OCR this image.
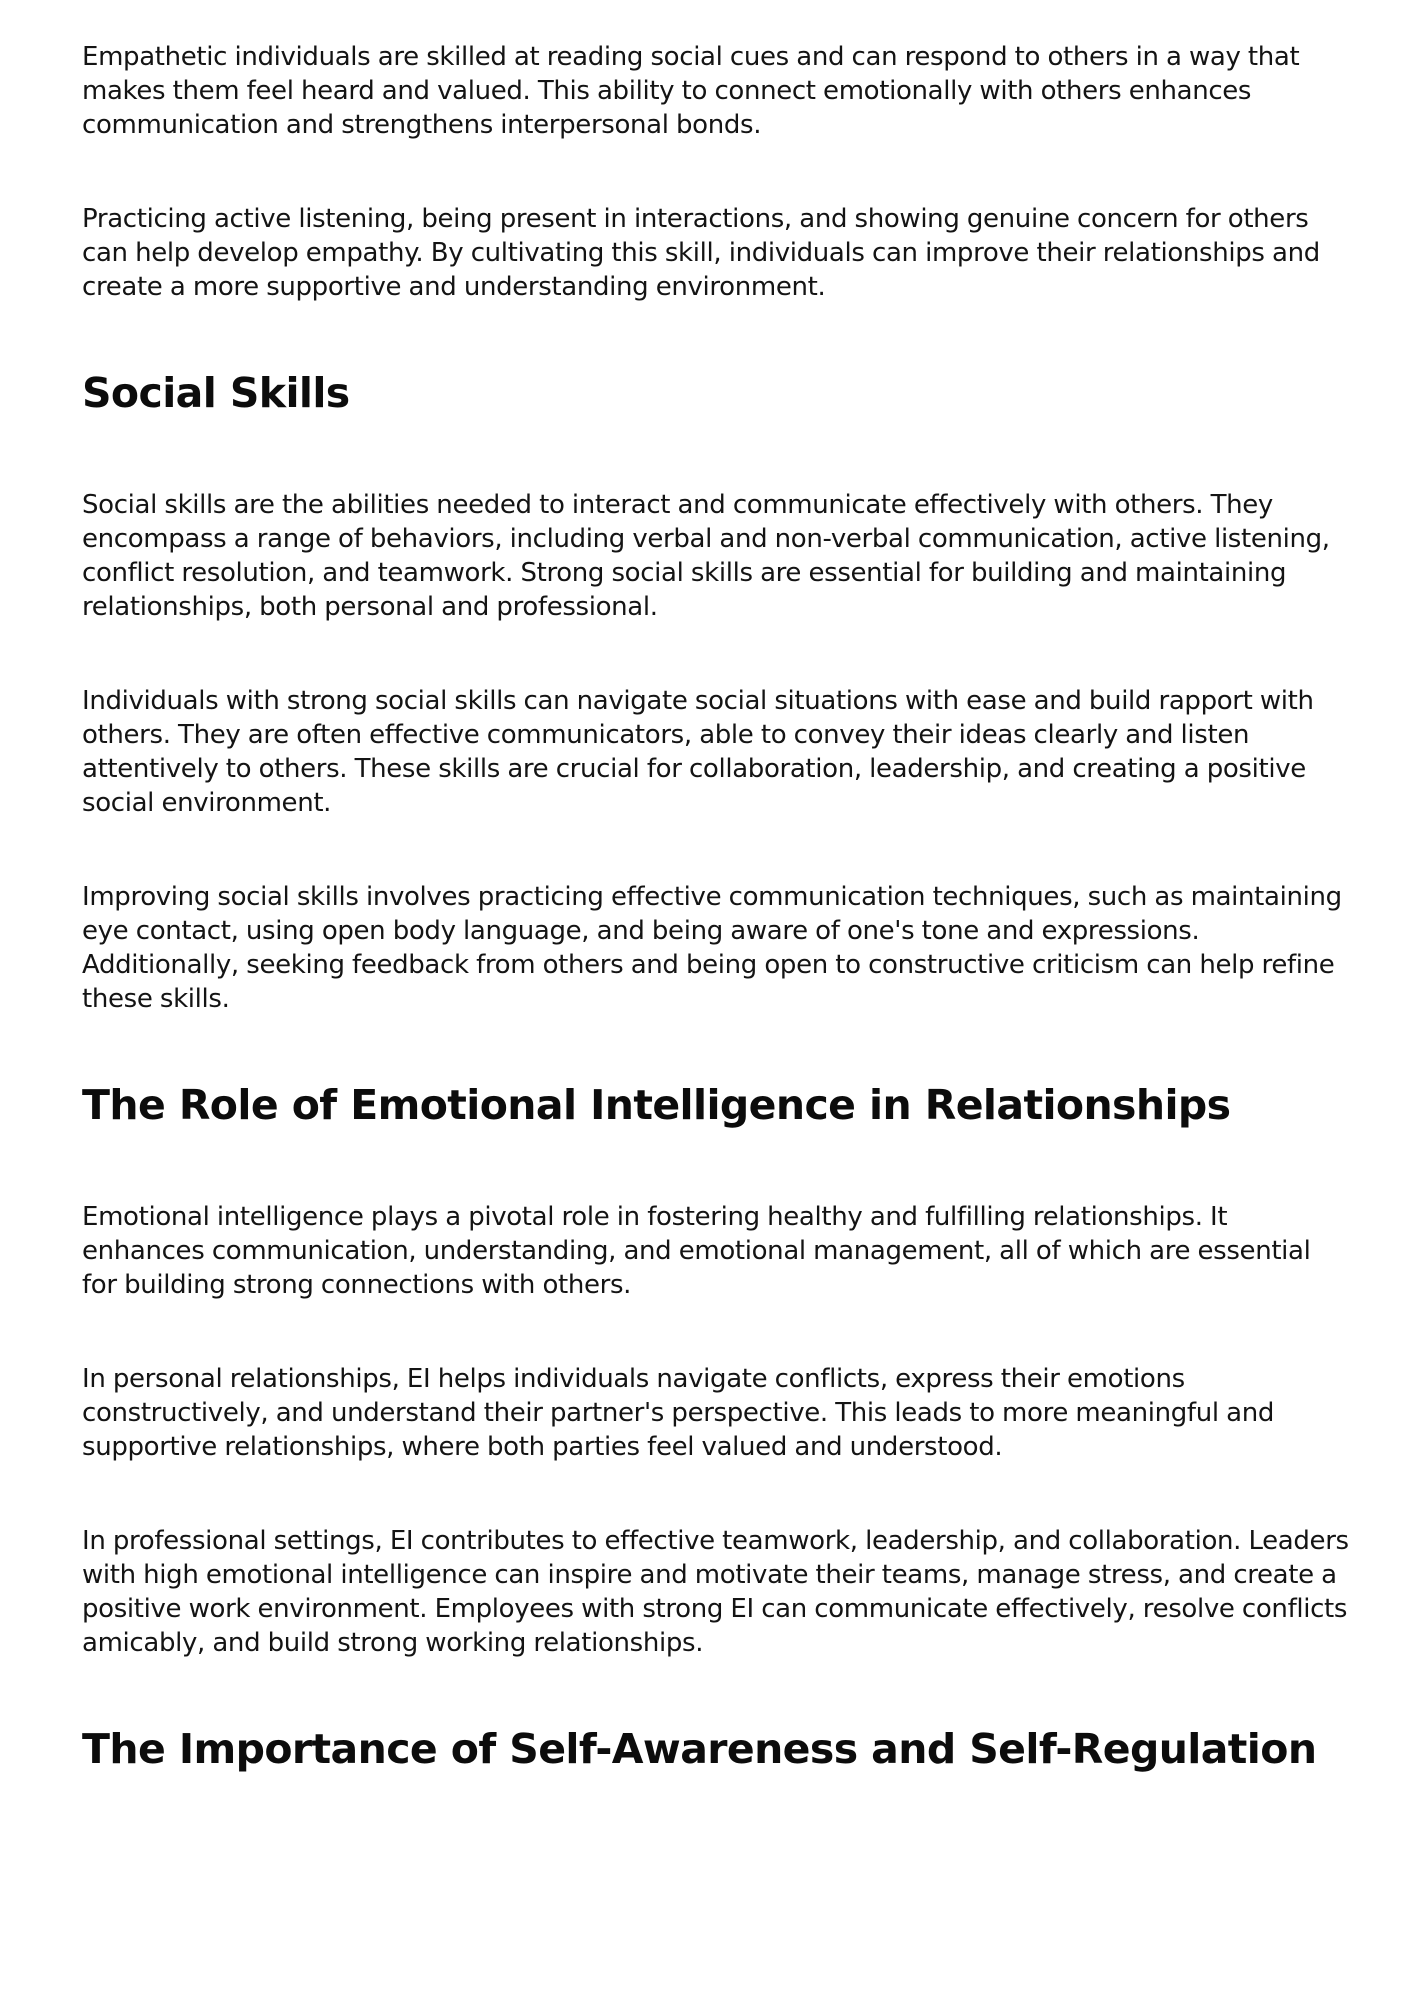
Empathetic individuals are skilled at reading social cues and can respond to others in a way that makes them feel heard and valued. This ability to connect emotionally with others enhances communication and strengthens interpersonal bonds.

Practicing active listening, being present in interactions, and showing genuine concern for others can help develop empathy. By cultivating this skill, individuals can improve their relationships and create a more supportive and understanding environment.

Social Skills

Social skills are the abilities needed to interact and communicate effectively with others. They encompass a range of behaviors, including verbal and non-verbal communication, active listening, conflict resolution, and teamwork. Strong social skills are essential for building and maintaining relationships, both personal and professional.

Individuals with strong social skills can navigate social situations with ease and build rapport with others. They are often effective communicators, able to convey their ideas clearly and listen attentively to others. These skills are crucial for collaboration, leadership, and creating a positive social environment.

Improving social skills involves practicing effective communication techniques, such as maintaining eye contact, using open body language, and being aware of one's tone and expressions. Additionally, seeking feedback from others and being open to constructive criticism can help refine these skills.

The Role of Emotional Intelligence in Relationships

Emotional intelligence plays a pivotal role in fostering healthy and fulfilling relationships. It enhances communication, understanding, and emotional management, all of which are essential for building strong connections with others.

In personal relationships, EI helps individuals navigate conflicts, express their emotions constructively, and understand their partner's perspective. This leads to more meaningful and supportive relationships, where both parties feel valued and understood.

In professional settings, EI contributes to effective teamwork, leadership, and collaboration. Leaders with high emotional intelligence can inspire and motivate their teams, manage stress, and create a positive work environment. Employees with strong EI can communicate effectively, resolve conflicts amicably, and build strong working relationships.

The Importance of Self-Awareness and Self-Regulation
